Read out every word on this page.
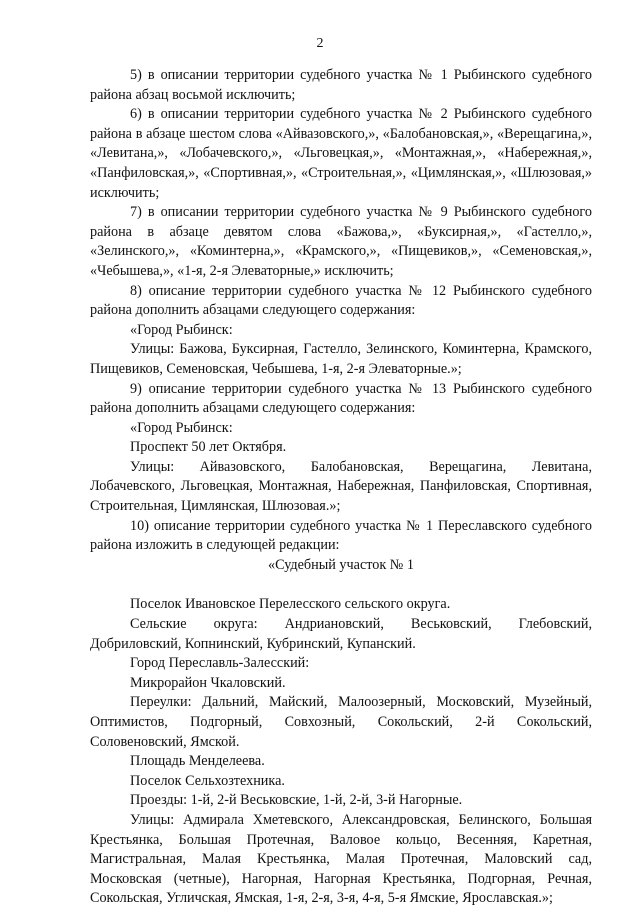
2

5) в описании территории судебного участка № 1 Рыбинского судебного района абзац восьмой исключить;

6) в описании территории судебного участка № 2 Рыбинского судебного района в абзаце шестом слова «Айвазовского,», «Балобановская,», «Верещагина,», «Левитана,», «Лобачевского,», «Льговецкая,», «Монтажная,», «Набережная,», «Панфиловская,», «Спортивная,», «Строительная,», «Цимлянская,», «Шлюзовая,» исключить;

7) в описании территории судебного участка № 9 Рыбинского судебного района в абзаце девятом слова «Бажова,», «Буксирная,», «Гастелло,», «Зелинского,», «Коминтерна,», «Крамского,», «Пищевиков,», «Семеновская,», «Чебышева,», «1-я, 2-я Элеваторные,» исключить;

8) описание территории судебного участка № 12 Рыбинского судебного района дополнить абзацами следующего содержания:

«Город Рыбинск:

Улицы: Бажова, Буксирная, Гастелло, Зелинского, Коминтерна, Крамского, Пищевиков, Семеновская, Чебышева, 1-я, 2-я Элеваторные.»;

9) описание территории судебного участка № 13 Рыбинского судебного района дополнить абзацами следующего содержания:

«Город Рыбинск:

Проспект 50 лет Октября.

Улицы: Айвазовского, Балобановская, Верещагина, Левитана, Лобачевского, Льговецкая, Монтажная, Набережная, Панфиловская, Спортивная, Строительная, Цимлянская, Шлюзовая.»;

10) описание территории судебного участка № 1 Переславского судебного района изложить в следующей редакции:

«Судебный участок № 1

Поселок Ивановское Перелесского сельского округа.

Сельские округа: Андриановский, Веськовский, Глебовский, Добриловский, Копнинский, Кубринский, Купанский.

Город Переславль-Залесский:

Микрорайон Чкаловский.

Переулки: Дальний, Майский, Малоозерный, Московский, Музейный, Оптимистов, Подгорный, Совхозный, Сокольский, 2-й Сокольский, Соловеновский, Ямской.

Площадь Менделеева.

Поселок Сельхозтехника.

Проезды: 1-й, 2-й Веськовские, 1-й, 2-й, 3-й Нагорные.

Улицы: Адмирала Хметевского, Александровская, Белинского, Большая Крестьянка, Большая Протечная, Валовое кольцо, Весенняя, Каретная, Магистральная, Малая Крестьянка, Малая Протечная, Маловский сад, Московская (четные), Нагорная, Нагорная Крестьянка, Подгорная, Речная, Сокольская, Угличская, Ямская, 1-я, 2-я, 3-я, 4-я, 5-я Ямские, Ярославская.»;
